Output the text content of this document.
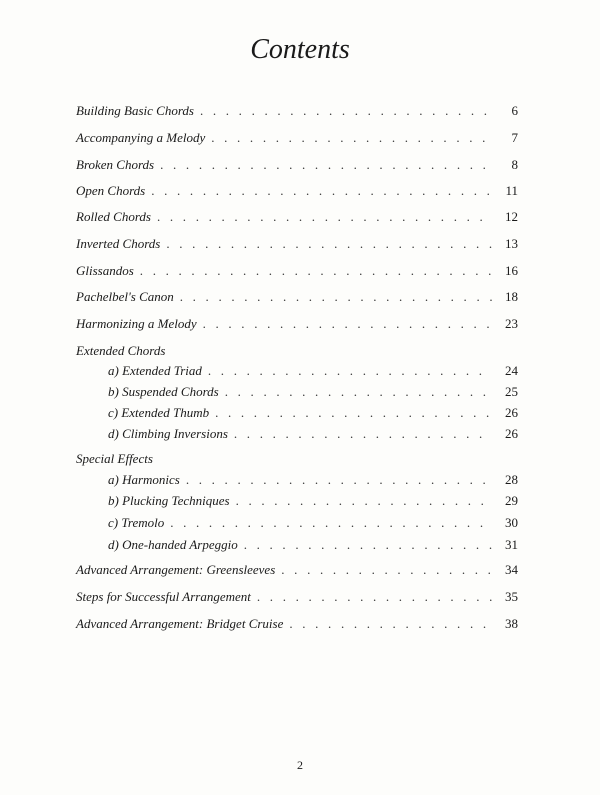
Contents
Building Basic Chords . . .	6
Accompanying a Melody . . .	7
Broken Chords . . .	8
Open Chords . . .	11
Rolled Chords . . .	12
Inverted Chords . . .	13
Glissandos . . .	16
Pachelbel's Canon . . .	18
Harmonizing a Melody . . .	23
Extended Chords
a) Extended Triad . . .	24
b) Suspended Chords . . .	25
c) Extended Thumb . . .	26
d) Climbing Inversions . . .	26
Special Effects
a) Harmonics . . .	28
b) Plucking Techniques . . .	29
c) Tremolo . . .	30
d) One-handed Arpeggio . . .	31
Advanced Arrangement: Greensleeves . . .	34
Steps for Successful Arrangement . . .	35
Advanced Arrangement: Bridget Cruise . . .	38
2
